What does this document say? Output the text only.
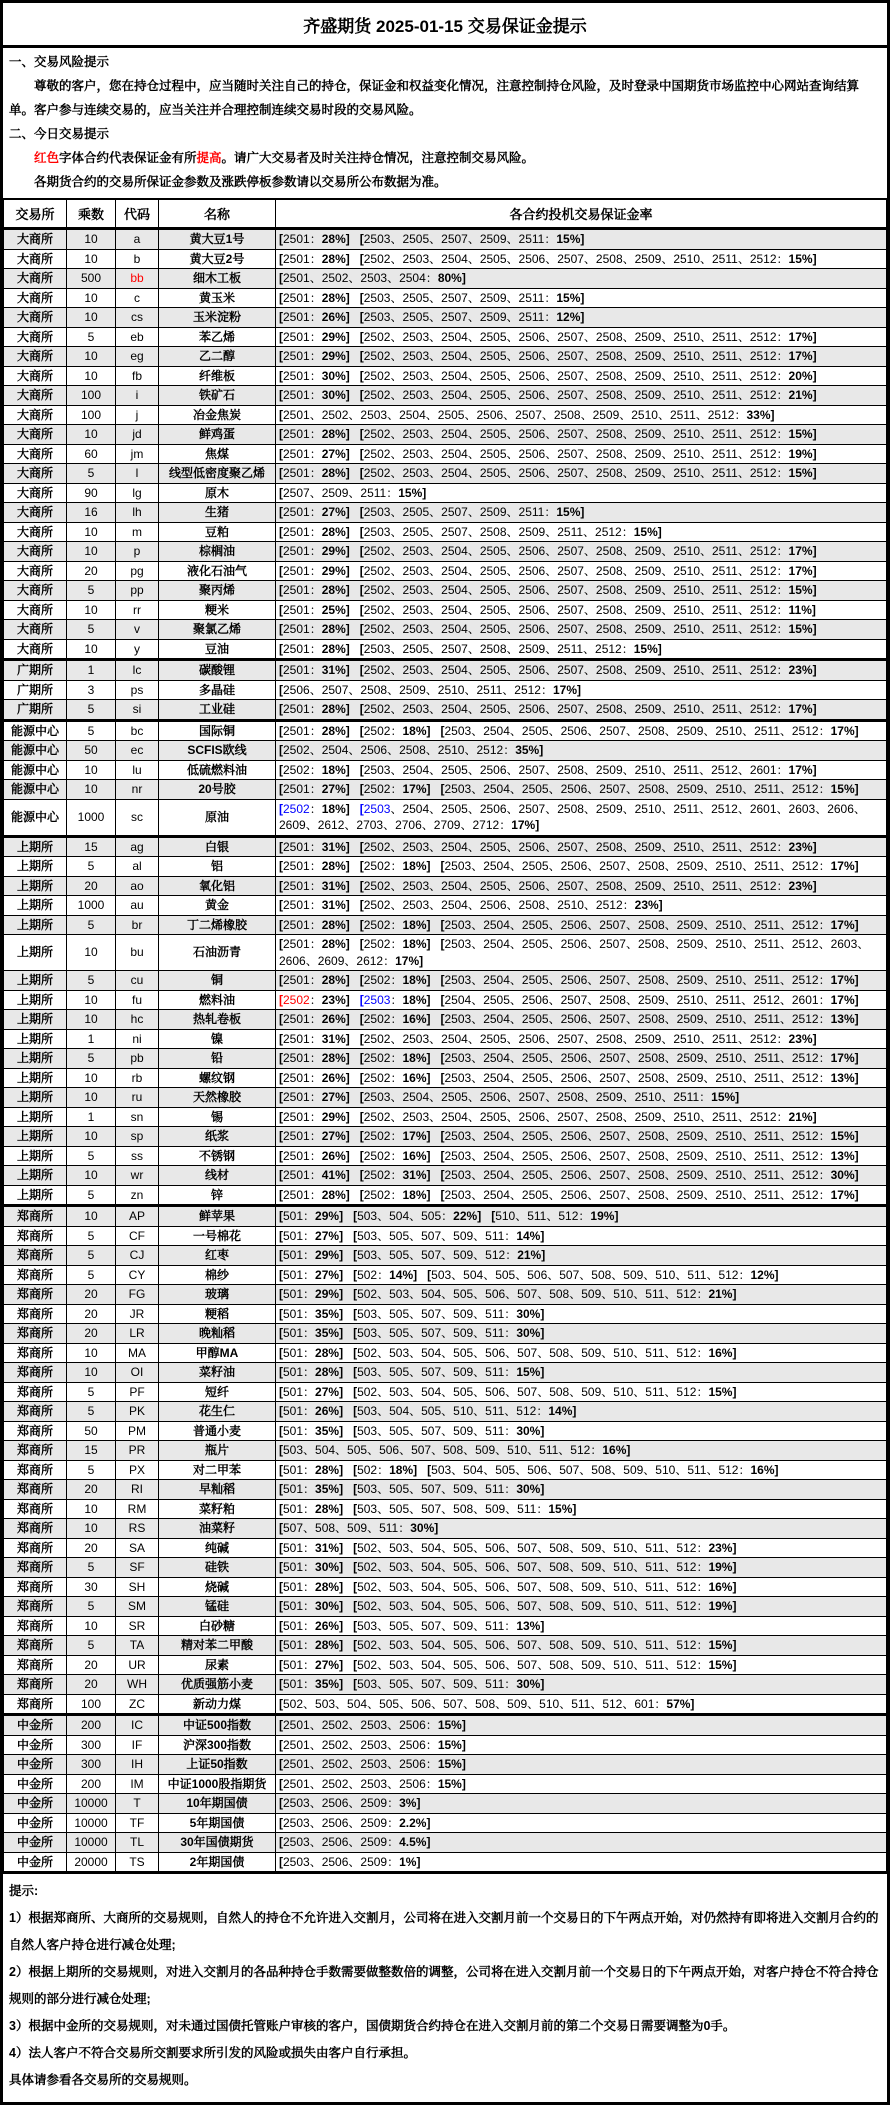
齐盛期货 2025-01-15 交易保证金提示
一、交易风险提示
尊敬的客户，您在持仓过程中，应当随时关注自己的持仓，保证金和权益变化情况，注意控制持仓风险，及时登录中国期货市场监控中心网站查询结算单。客户参与连续交易的，应当关注并合理控制连续交易时段的交易风险。
二、今日交易提示
红色字体合约代表保证金有所提高。请广大交易者及时关注持仓情况，注意控制交易风险。
各期货合约的交易所保证金参数及涨跌停板参数请以交易所公布数据为准。
交易所	乘数	代码	名称	各合约投机交易保证金率
大商所	10	a	黄大豆1号	[2501：28%] [2503、2505、2507、2509、2511：15%]
大商所	10	b	黄大豆2号	[2501：28%] [2502、2503、2504、2505、2506、2507、2508、2509、2510、2511、2512：15%]
大商所	500	bb	细木工板	[2501、2502、2503、2504：80%]
大商所	10	c	黄玉米	[2501：28%] [2503、2505、2507、2509、2511：15%]
大商所	10	cs	玉米淀粉	[2501：26%] [2503、2505、2507、2509、2511：12%]
大商所	5	eb	苯乙烯	[2501：29%] [2502、2503、2504、2505、2506、2507、2508、2509、2510、2511、2512：17%]
大商所	10	eg	乙二醇	[2501：29%] [2502、2503、2504、2505、2506、2507、2508、2509、2510、2511、2512：17%]
大商所	10	fb	纤维板	[2501：30%] [2502、2503、2504、2505、2506、2507、2508、2509、2510、2511、2512：20%]
大商所	100	i	铁矿石	[2501：30%] [2502、2503、2504、2505、2506、2507、2508、2509、2510、2511、2512：21%]
大商所	100	j	冶金焦炭	[2501、2502、2503、2504、2505、2506、2507、2508、2509、2510、2511、2512：33%]
大商所	10	jd	鲜鸡蛋	[2501：28%] [2502、2503、2504、2505、2506、2507、2508、2509、2510、2511、2512：15%]
大商所	60	jm	焦煤	[2501：27%] [2502、2503、2504、2505、2506、2507、2508、2509、2510、2511、2512：19%]
大商所	5	l	线型低密度聚乙烯	[2501：28%] [2502、2503、2504、2505、2506、2507、2508、2509、2510、2511、2512：15%]
大商所	90	lg	原木	[2507、2509、2511：15%]
大商所	16	lh	生猪	[2501：27%] [2503、2505、2507、2509、2511：15%]
大商所	10	m	豆粕	[2501：28%] [2503、2505、2507、2508、2509、2511、2512：15%]
大商所	10	p	棕榈油	[2501：29%] [2502、2503、2504、2505、2506、2507、2508、2509、2510、2511、2512：17%]
大商所	20	pg	液化石油气	[2501：29%] [2502、2503、2504、2505、2506、2507、2508、2509、2510、2511、2512：17%]
大商所	5	pp	聚丙烯	[2501：28%] [2502、2503、2504、2505、2506、2507、2508、2509、2510、2511、2512：15%]
大商所	10	rr	粳米	[2501：25%] [2502、2503、2504、2505、2506、2507、2508、2509、2510、2511、2512：11%]
大商所	5	v	聚氯乙烯	[2501：28%] [2502、2503、2504、2505、2506、2507、2508、2509、2510、2511、2512：15%]
大商所	10	y	豆油	[2501：28%] [2503、2505、2507、2508、2509、2511、2512：15%]
广期所	1	lc	碳酸锂	[2501：31%] [2502、2503、2504、2505、2506、2507、2508、2509、2510、2511、2512：23%]
广期所	3	ps	多晶硅	[2506、2507、2508、2509、2510、2511、2512：17%]
广期所	5	si	工业硅	[2501：28%] [2502、2503、2504、2505、2506、2507、2508、2509、2510、2511、2512：17%]
能源中心	5	bc	国际铜	[2501：28%] [2502：18%] [2503、2504、2505、2506、2507、2508、2509、2510、2511、2512：17%]
能源中心	50	ec	SCFIS欧线	[2502、2504、2506、2508、2510、2512：35%]
能源中心	10	lu	低硫燃料油	[2502：18%] [2503、2504、2505、2506、2507、2508、2509、2510、2511、2512、2601：17%]
能源中心	10	nr	20号胶	[2501：27%] [2502：17%] [2503、2504、2505、2506、2507、2508、2509、2510、2511、2512：15%]
能源中心	1000	sc	原油	[2502：18%] [2503、2504、2505、2506、2507、2508、2509、2510、2511、2512、2601、2603、2606、2609、2612、2703、2706、2709、2712：17%]
上期所	15	ag	白银	[2501：31%] [2502、2503、2504、2505、2506、2507、2508、2509、2510、2511、2512：23%]
上期所	5	al	铝	[2501：28%] [2502：18%] [2503、2504、2505、2506、2507、2508、2509、2510、2511、2512：17%]
上期所	20	ao	氧化铝	[2501：31%] [2502、2503、2504、2505、2506、2507、2508、2509、2510、2511、2512：23%]
上期所	1000	au	黄金	[2501：31%] [2502、2503、2504、2506、2508、2510、2512：23%]
上期所	5	br	丁二烯橡胶	[2501：28%] [2502：18%] [2503、2504、2505、2506、2507、2508、2509、2510、2511、2512：17%]
上期所	10	bu	石油沥青	[2501：28%] [2502：18%] [2503、2504、2505、2506、2507、2508、2509、2510、2511、2512、2603、2606、2609、2612：17%]
上期所	5	cu	铜	[2501：28%] [2502：18%] [2503、2504、2505、2506、2507、2508、2509、2510、2511、2512：17%]
上期所	10	fu	燃料油	[2502：23%] [2503：18%] [2504、2505、2506、2507、2508、2509、2510、2511、2512、2601：17%]
上期所	10	hc	热轧卷板	[2501：26%] [2502：16%] [2503、2504、2505、2506、2507、2508、2509、2510、2511、2512：13%]
上期所	1	ni	镍	[2501：31%] [2502、2503、2504、2505、2506、2507、2508、2509、2510、2511、2512：23%]
上期所	5	pb	铅	[2501：28%] [2502：18%] [2503、2504、2505、2506、2507、2508、2509、2510、2511、2512：17%]
上期所	10	rb	螺纹钢	[2501：26%] [2502：16%] [2503、2504、2505、2506、2507、2508、2509、2510、2511、2512：13%]
上期所	10	ru	天然橡胶	[2501：27%] [2503、2504、2505、2506、2507、2508、2509、2510、2511：15%]
上期所	1	sn	锡	[2501：29%] [2502、2503、2504、2505、2506、2507、2508、2509、2510、2511、2512：21%]
上期所	10	sp	纸浆	[2501：27%] [2502：17%] [2503、2504、2505、2506、2507、2508、2509、2510、2511、2512：15%]
上期所	5	ss	不锈钢	[2501：26%] [2502：16%] [2503、2504、2505、2506、2507、2508、2509、2510、2511、2512：13%]
上期所	10	wr	线材	[2501：41%] [2502：31%] [2503、2504、2505、2506、2507、2508、2509、2510、2511、2512：30%]
上期所	5	zn	锌	[2501：28%] [2502：18%] [2503、2504、2505、2506、2507、2508、2509、2510、2511、2512：17%]
郑商所	10	AP	鲜苹果	[501：29%] [503、504、505：22%] [510、511、512：19%]
郑商所	5	CF	一号棉花	[501：27%] [503、505、507、509、511：14%]
郑商所	5	CJ	红枣	[501：29%] [503、505、507、509、512：21%]
郑商所	5	CY	棉纱	[501：27%] [502：14%] [503、504、505、506、507、508、509、510、511、512：12%]
郑商所	20	FG	玻璃	[501：29%] [502、503、504、505、506、507、508、509、510、511、512：21%]
郑商所	20	JR	粳稻	[501：35%] [503、505、507、509、511：30%]
郑商所	20	LR	晚籼稻	[501：35%] [503、505、507、509、511：30%]
郑商所	10	MA	甲醇MA	[501：28%] [502、503、504、505、506、507、508、509、510、511、512：16%]
郑商所	10	OI	菜籽油	[501：28%] [503、505、507、509、511：15%]
郑商所	5	PF	短纤	[501：27%] [502、503、504、505、506、507、508、509、510、511、512：15%]
郑商所	5	PK	花生仁	[501：26%] [503、504、505、510、511、512：14%]
郑商所	50	PM	普通小麦	[501：35%] [503、505、507、509、511：30%]
郑商所	15	PR	瓶片	[503、504、505、506、507、508、509、510、511、512：16%]
郑商所	5	PX	对二甲苯	[501：28%] [502：18%] [503、504、505、506、507、508、509、510、511、512：16%]
郑商所	20	RI	早籼稻	[501：35%] [503、505、507、509、511：30%]
郑商所	10	RM	菜籽粕	[501：28%] [503、505、507、508、509、511：15%]
郑商所	10	RS	油菜籽	[507、508、509、511：30%]
郑商所	20	SA	纯碱	[501：31%] [502、503、504、505、506、507、508、509、510、511、512：23%]
郑商所	5	SF	硅铁	[501：30%] [502、503、504、505、506、507、508、509、510、511、512：19%]
郑商所	30	SH	烧碱	[501：28%] [502、503、504、505、506、507、508、509、510、511、512：16%]
郑商所	5	SM	锰硅	[501：30%] [502、503、504、505、506、507、508、509、510、511、512：19%]
郑商所	10	SR	白砂糖	[501：26%] [503、505、507、509、511：13%]
郑商所	5	TA	精对苯二甲酸	[501：28%] [502、503、504、505、506、507、508、509、510、511、512：15%]
郑商所	20	UR	尿素	[501：27%] [502、503、504、505、506、507、508、509、510、511、512：15%]
郑商所	20	WH	优质强筋小麦	[501：35%] [503、505、507、509、511：30%]
郑商所	100	ZC	新动力煤	[502、503、504、505、506、507、508、509、510、511、512、601：57%]
中金所	200	IC	中证500指数	[2501、2502、2503、2506：15%]
中金所	300	IF	沪深300指数	[2501、2502、2503、2506：15%]
中金所	300	IH	上证50指数	[2501、2502、2503、2506：15%]
中金所	200	IM	中证1000股指期货	[2501、2502、2503、2506：15%]
中金所	10000	T	10年期国债	[2503、2506、2509：3%]
中金所	10000	TF	5年期国债	[2503、2506、2509：2.2%]
中金所	10000	TL	30年国债期货	[2503、2506、2509：4.5%]
中金所	20000	TS	2年期国债	[2503、2506、2509：1%]
提示:
1）根据郑商所、大商所的交易规则，自然人的持仓不允许进入交割月，公司将在进入交割月前一个交易日的下午两点开始，对仍然持有即将进入交割月合约的自然人客户持仓进行减仓处理;
2）根据上期所的交易规则，对进入交割月的各品种持仓手数需要做整数倍的调整，公司将在进入交割月前一个交易日的下午两点开始，对客户持仓不符合持仓规则的部分进行减仓处理;
3）根据中金所的交易规则，对未通过国债托管账户审核的客户，国债期货合约持仓在进入交割月前的第二个交易日需要调整为0手。
4）法人客户不符合交易所交割要求所引发的风险或损失由客户自行承担。
具体请参看各交易所的交易规则。
